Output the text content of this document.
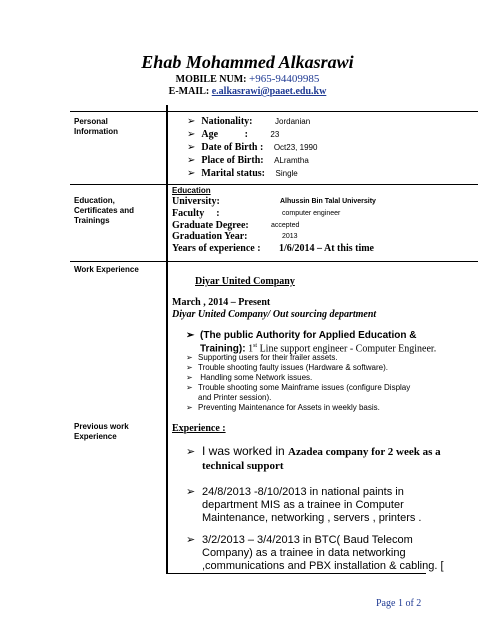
Ehab Mohammed Alkasrawi
MOBILE NUM: +965-94409985
E-MAIL: e.alkasrawi@paaet.edu.kw
Personal
Information
➢ Nationality:	Jordanian
➢ Age	:	23
➢ Date of Birth : Oct23, 1990
➢ Place of Birth: ALramtha
➢ Marital status: Single
Education,
Certificates and
Trainings
Education
University:	Alhussin Bin Talal University
Faculty :	computer engineer
Graduate Degree:	accepted
Graduation Year:	2013
Years of experience : 1/6/2014 – At this time
Work Experience
Diyar United Company
March , 2014 – Present
Diyar United Company/ Out sourcing department
➢ (The public Authority for Applied Education &
Training): 1st Line support engineer - Computer Engineer.
➢ Supporting users for their frailer assets.
➢ Trouble shooting faulty issues (Hardware & software).
➢ Handling some Network issues.
➢ Trouble shooting some Mainframe issues (configure Display
and Printer session).
➢ Preventing Maintenance for Assets in weekly basis.
Previous work
Experience
Experience :
➢ I was worked in Azadea company for 2 week as a
technical support
➢ 24/8/2013 -8/10/2013 in national paints in
department MIS as a trainee in Computer
Maintenance, networking , servers , printers .
➢ 3/2/2013 – 3/4/2013 in BTC( Baud Telecom
Company) as a trainee in data networking
,communications and PBX installation & cabling. [
Page 1 of 2
